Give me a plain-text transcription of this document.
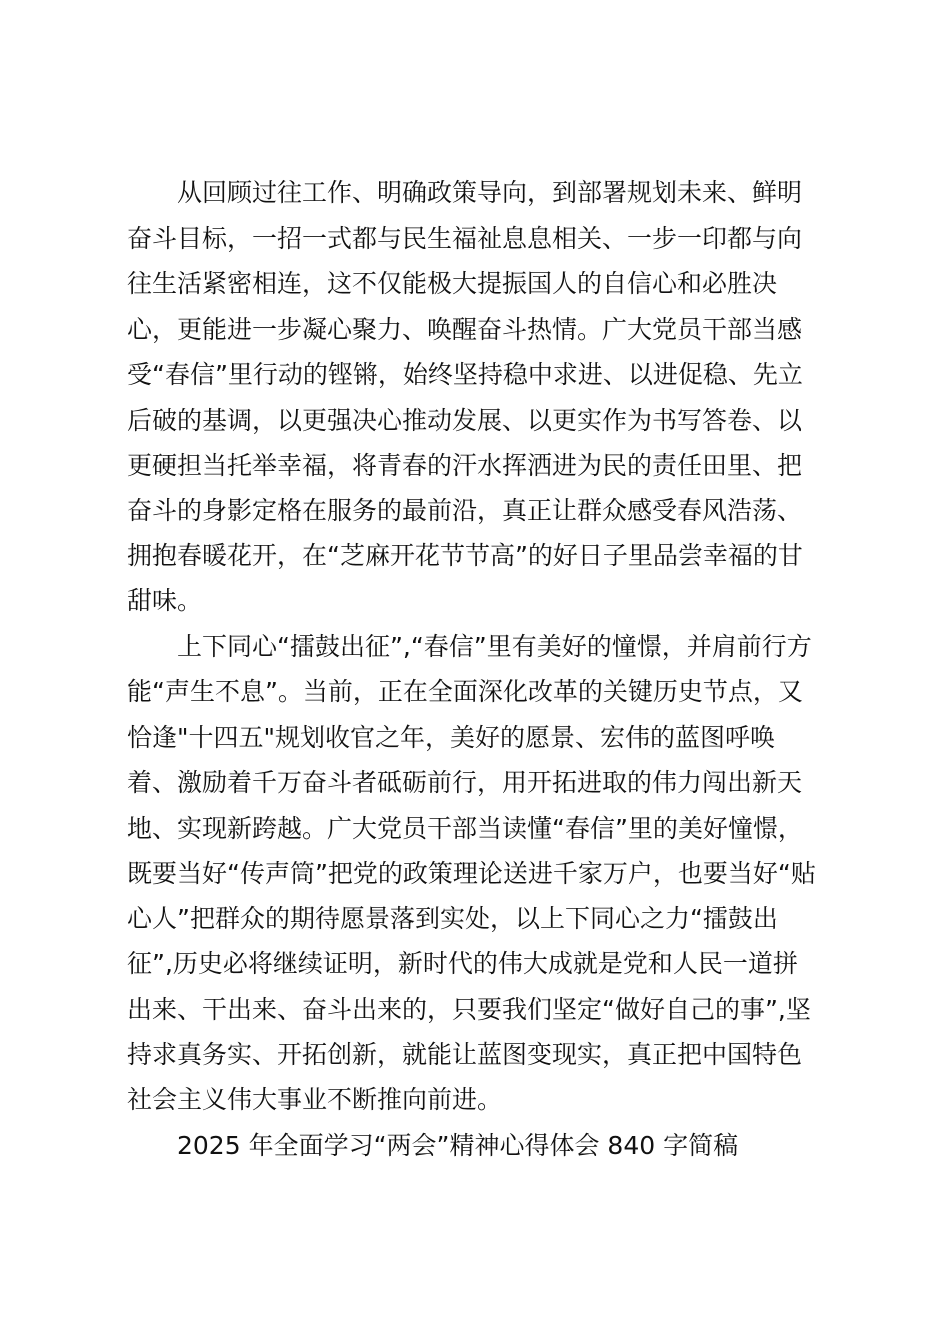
从回顾过往工作、明确政策导向，到部署规划未来、鲜明

奋斗目标，一招一式都与民生福祉息息相关、一步一印都与向

往生活紧密相连，这不仅能极大提振国人的自信心和必胜决

心，更能进一步凝心聚力、唤醒奋斗热情。广大党员干部当感

受“春信”里行动的铿锵，始终坚持稳中求进、以进促稳、先立

后破的基调，以更强决心推动发展、以更实作为书写答卷、以

更硬担当托举幸福，将青春的汗水挥洒进为民的责任田里、把

奋斗的身影定格在服务的最前沿，真正让群众感受春风浩荡、

拥抱春暖花开，在“芝麻开花节节高”的好日子里品尝幸福的甘

甜味。

上下同心“擂鼓出征”,“春信”里有美好的憧憬，并肩前行方

能“声生不息”。当前，正在全面深化改革的关键历史节点，又

恰逢"十四五"规划收官之年，美好的愿景、宏伟的蓝图呼唤

着、激励着千万奋斗者砥砺前行，用开拓进取的伟力闯出新天

地、实现新跨越。广大党员干部当读懂“春信”里的美好憧憬，

既要当好“传声筒”把党的政策理论送进千家万户，也要当好“贴

心人”把群众的期待愿景落到实处，以上下同心之力“擂鼓出

征”,历史必将继续证明，新时代的伟大成就是党和人民一道拼

出来、干出来、奋斗出来的，只要我们坚定“做好自己的事”,坚

持求真务实、开拓创新，就能让蓝图变现实，真正把中国特色

社会主义伟大事业不断推向前进。

2025 年全面学习“两会”精神心得体会 840 字简稿
